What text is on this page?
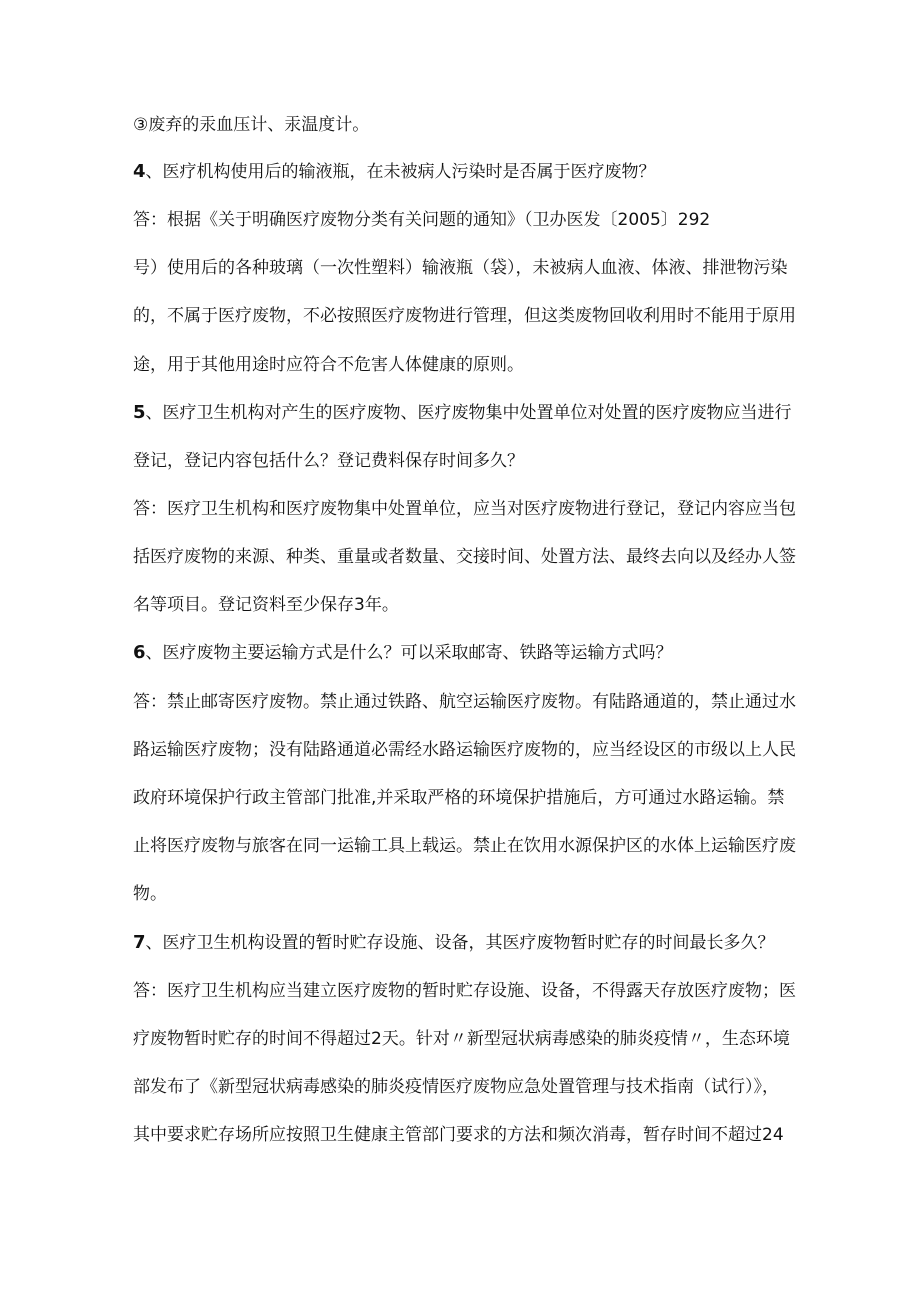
③废弃的汞血压计、汞温度计。

4、医疗机构使用后的输液瓶，在未被病人污染时是否属于医疗废物？

答：根据《关于明确医疗废物分类有关问题的通知》（卫办医发〔2005〕292

号）使用后的各种玻璃（一次性塑料）输液瓶（袋），未被病人血液、体液、排泄物污染

的，不属于医疗废物，不必按照医疗废物进行管理，但这类废物回收利用时不能用于原用

途，用于其他用途时应符合不危害人体健康的原则。

5、医疗卫生机构对产生的医疗废物、医疗废物集中处置单位对处置的医疗废物应当进行

登记，登记内容包括什么？登记费料保存时间多久？

答：医疗卫生机构和医疗废物集中处置单位，应当对医疗废物进行登记，登记内容应当包

括医疗废物的来源、种类、重量或者数量、交接时间、处置方法、最终去向以及经办人签

名等项目。登记资料至少保存3年。

6、医疗废物主要运输方式是什么？可以采取邮寄、铁路等运输方式吗？

答：禁止邮寄医疗废物。禁止通过铁路、航空运输医疗废物。有陆路通道的，禁止通过水

路运输医疗废物；没有陆路通道必需经水路运输医疗废物的，应当经设区的市级以上人民

政府环境保护行政主管部门批准,并采取严格的环境保护措施后，方可通过水路运输。禁

止将医疗废物与旅客在同一运输工具上载运。禁止在饮用水源保护区的水体上运输医疗废

物。

7、医疗卫生机构设置的暂时贮存设施、设备，其医疗废物暂时贮存的时间最长多久？

答：医疗卫生机构应当建立医疗废物的暂时贮存设施、设备，不得露天存放医疗废物；医

疗废物暂时贮存的时间不得超过2天。针对〃新型冠状病毒感染的肺炎疫情〃，生态环境

部发布了《新型冠状病毒感染的肺炎疫情医疗废物应急处置管理与技术指南（试行）》，

其中要求贮存场所应按照卫生健康主管部门要求的方法和频次消毒，暂存时间不超过24
